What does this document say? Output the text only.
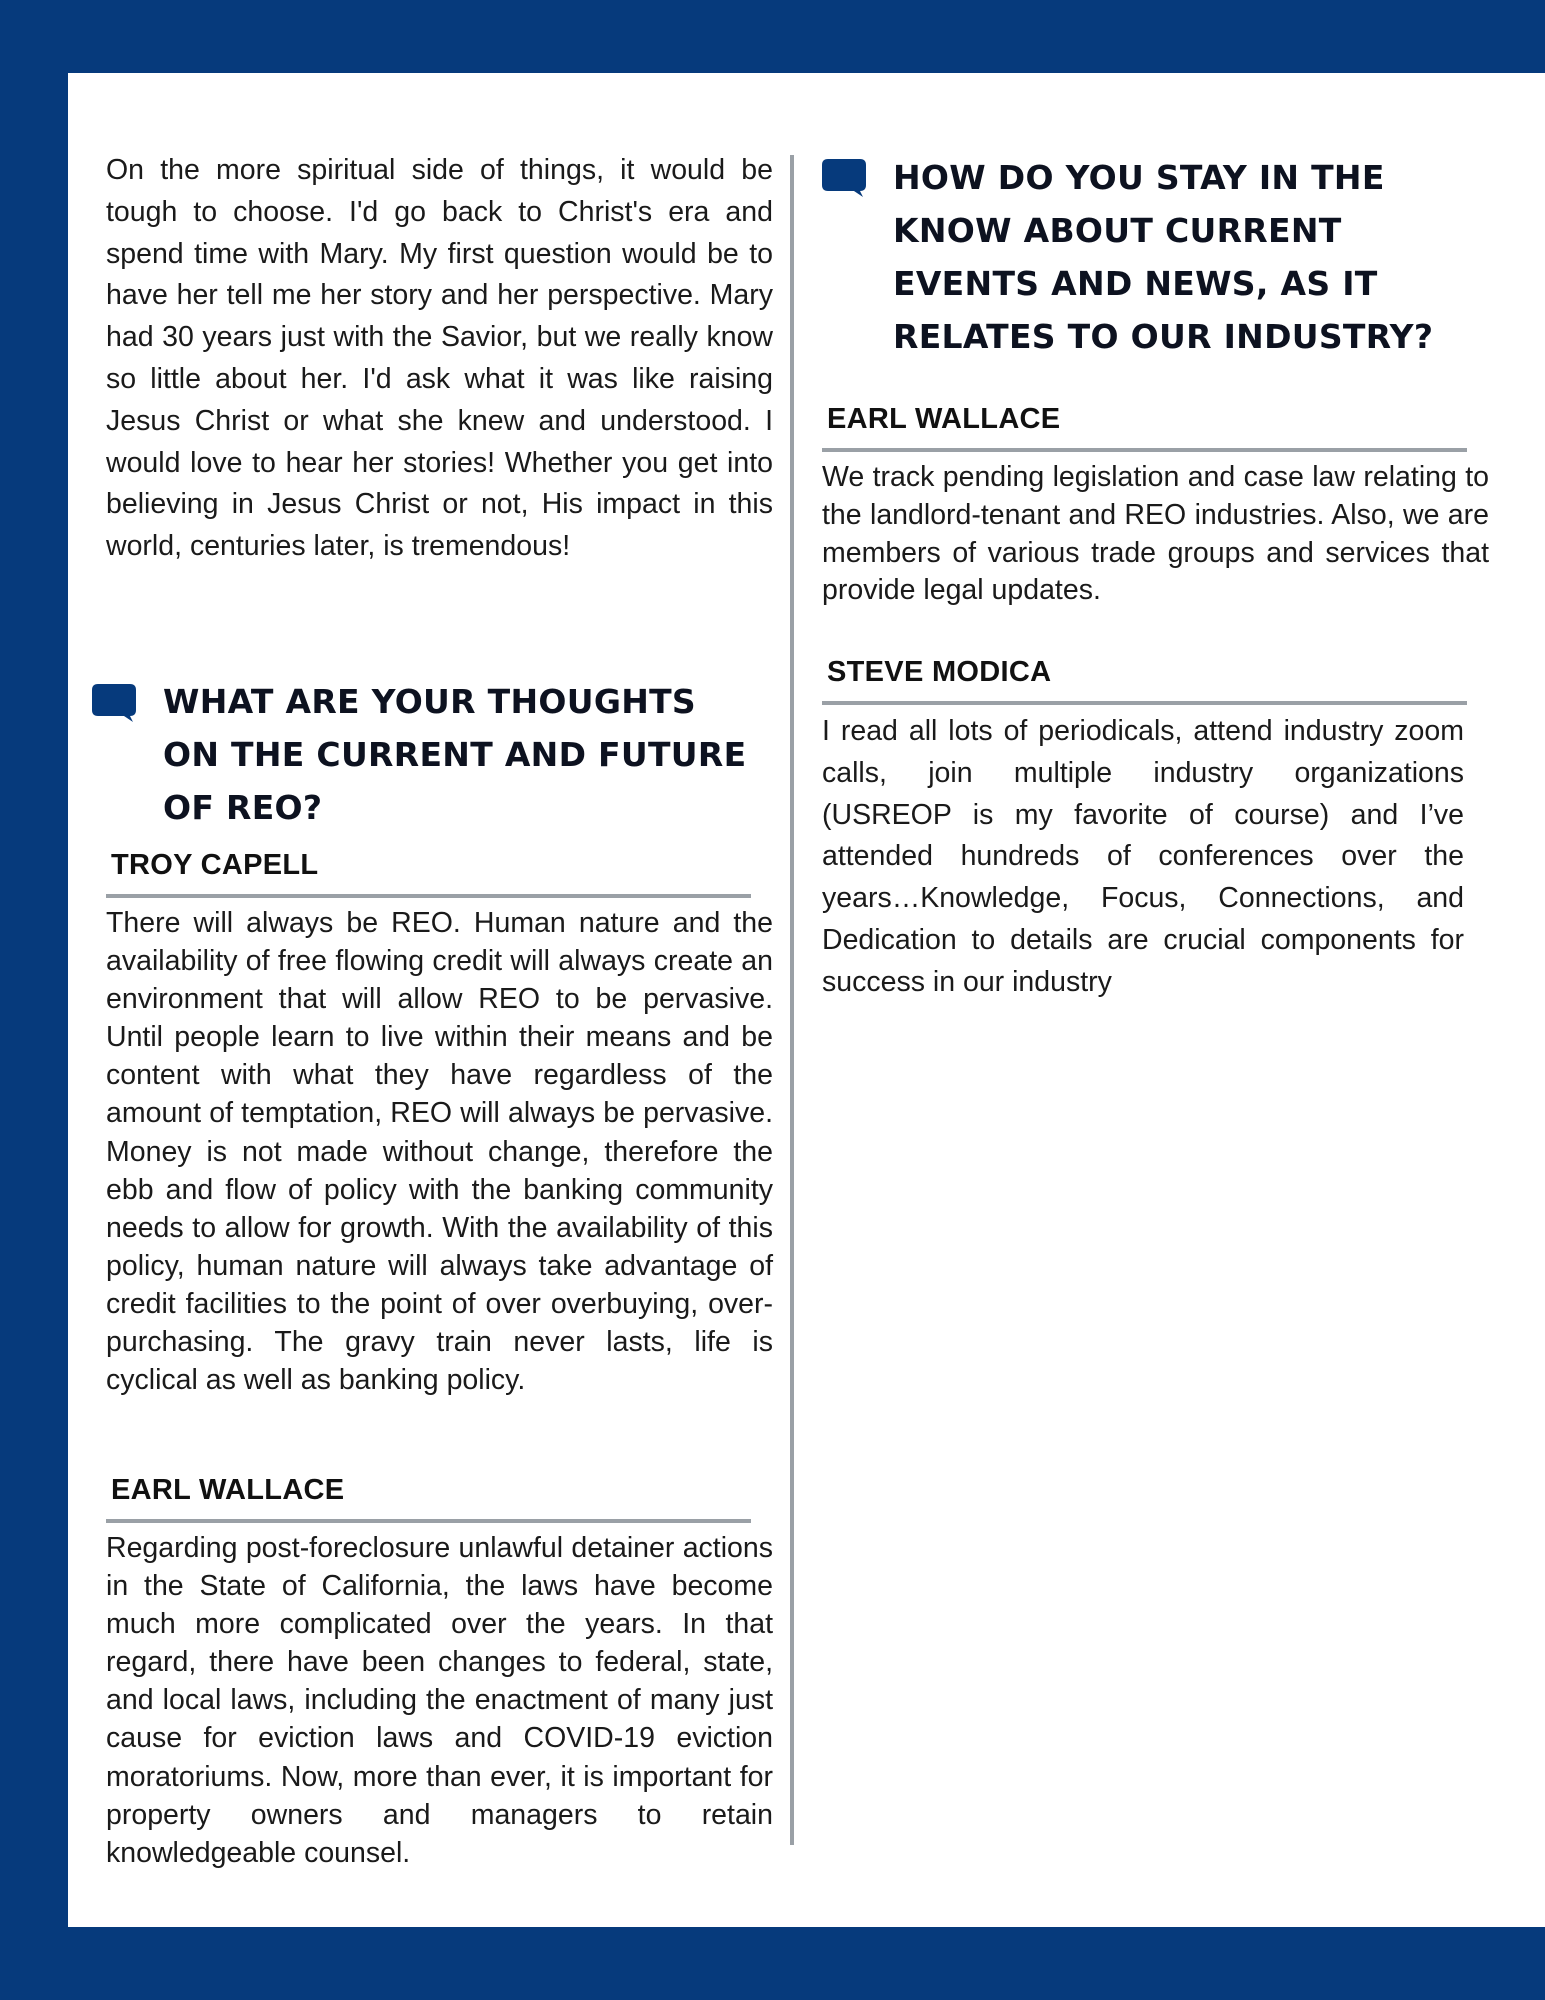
On the more spiritual side of things, it would be tough to choose. I'd go back to Christ's era and spend time with Mary. My first question would be to have her tell me her story and her perspective. Mary had 30 years just with the Savior, but we really know so little about her. I'd ask what it was like raising Jesus Christ or what she knew and understood. I would love to hear her stories! Whether you get into believing in Jesus Christ or not, His impact in this world, centuries later, is tremendous!

WHAT ARE YOUR THOUGHTS ON THE CURRENT AND FUTURE OF REO?
TROY CAPELL

There will always be REO. Human nature and the availability of free flowing credit will always create an environment that will allow REO to be pervasive. Until people learn to live within their means and be content with what they have regardless of the amount of temptation, REO will always be pervasive. Money is not made without change, therefore the ebb and flow of policy with the banking community needs to allow for growth. With the availability of this policy, human nature will always take advantage of credit facilities to the point of over overbuying, over-purchasing. The gravy train never lasts, life is cyclical as well as banking policy.

EARL WALLACE

Regarding post-foreclosure unlawful detainer actions in the State of California, the laws have become much more complicated over the years. In that regard, there have been changes to federal, state, and local laws, including the enactment of many just cause for eviction laws and COVID-19 eviction moratoriums. Now, more than ever, it is important for property owners and managers to retain knowledgeable counsel.

HOW DO YOU STAY IN THE KNOW ABOUT CURRENT EVENTS AND NEWS, AS IT RELATES TO OUR INDUSTRY?
EARL WALLACE

We track pending legislation and case law relating to the landlord-tenant and REO industries. Also, we are members of various trade groups and services that provide legal updates.

STEVE MODICA

I read all lots of periodicals, attend industry zoom calls, join multiple industry organizations (USREOP is my favorite of course) and I’ve attended hundreds of conferences over the years…Knowledge, Focus, Connections, and Dedication to details are crucial components for success in our industry
